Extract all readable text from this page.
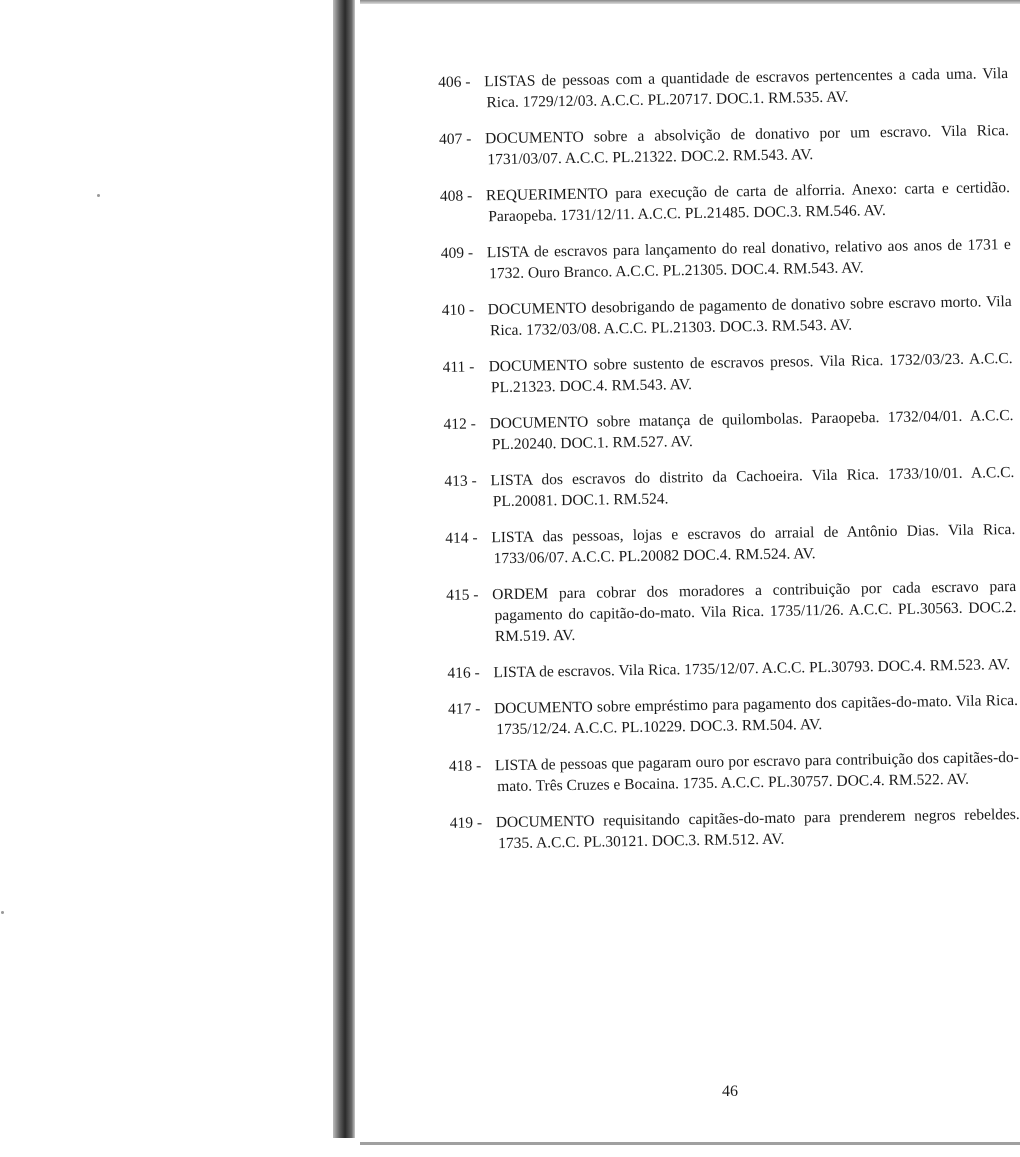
406 - LISTAS de pessoas com a quantidade de escravos pertencentes a cada uma. Vila Rica. 1729/12/03. A.C.C. PL.20717. DOC.1. RM.535. AV.

407 - DOCUMENTO sobre a absolvição de donativo por um escravo. Vila Rica. 1731/03/07. A.C.C. PL.21322. DOC.2. RM.543. AV.

408 - REQUERIMENTO para execução de carta de alforria. Anexo: carta e certidão. Paraopeba. 1731/12/11. A.C.C. PL.21485. DOC.3. RM.546. AV.

409 - LISTA de escravos para lançamento do real donativo, relativo aos anos de 1731 e 1732. Ouro Branco. A.C.C. PL.21305. DOC.4. RM.543. AV.

410 - DOCUMENTO desobrigando de pagamento de donativo sobre escravo morto. Vila Rica. 1732/03/08. A.C.C. PL.21303. DOC.3. RM.543. AV.

411 - DOCUMENTO sobre sustento de escravos presos. Vila Rica. 1732/03/23. A.C.C. PL.21323. DOC.4. RM.543. AV.

412 - DOCUMENTO sobre matança de quilombolas. Paraopeba. 1732/04/01. A.C.C. PL.20240. DOC.1. RM.527. AV.

413 - LISTA dos escravos do distrito da Cachoeira. Vila Rica. 1733/10/01. A.C.C. PL.20081. DOC.1. RM.524.

414 - LISTA das pessoas, lojas e escravos do arraial de Antônio Dias. Vila Rica. 1733/06/07. A.C.C. PL.20082 DOC.4. RM.524. AV.

415 - ORDEM para cobrar dos moradores a contribuição por cada escravo para pagamento do capitão-do-mato. Vila Rica. 1735/11/26. A.C.C. PL.30563. DOC.2. RM.519. AV.

416 - LISTA de escravos. Vila Rica. 1735/12/07. A.C.C. PL.30793. DOC.4. RM.523. AV.

417 - DOCUMENTO sobre empréstimo para pagamento dos capitães-do-mato. Vila Rica. 1735/12/24. A.C.C. PL.10229. DOC.3. RM.504. AV.

418 - LISTA de pessoas que pagaram ouro por escravo para contribuição dos capitães-do-mato. Três Cruzes e Bocaina. 1735. A.C.C. PL.30757. DOC.4. RM.522. AV.

419 - DOCUMENTO requisitando capitães-do-mato para prenderem negros rebeldes. 1735. A.C.C. PL.30121. DOC.3. RM.512. AV.

46
